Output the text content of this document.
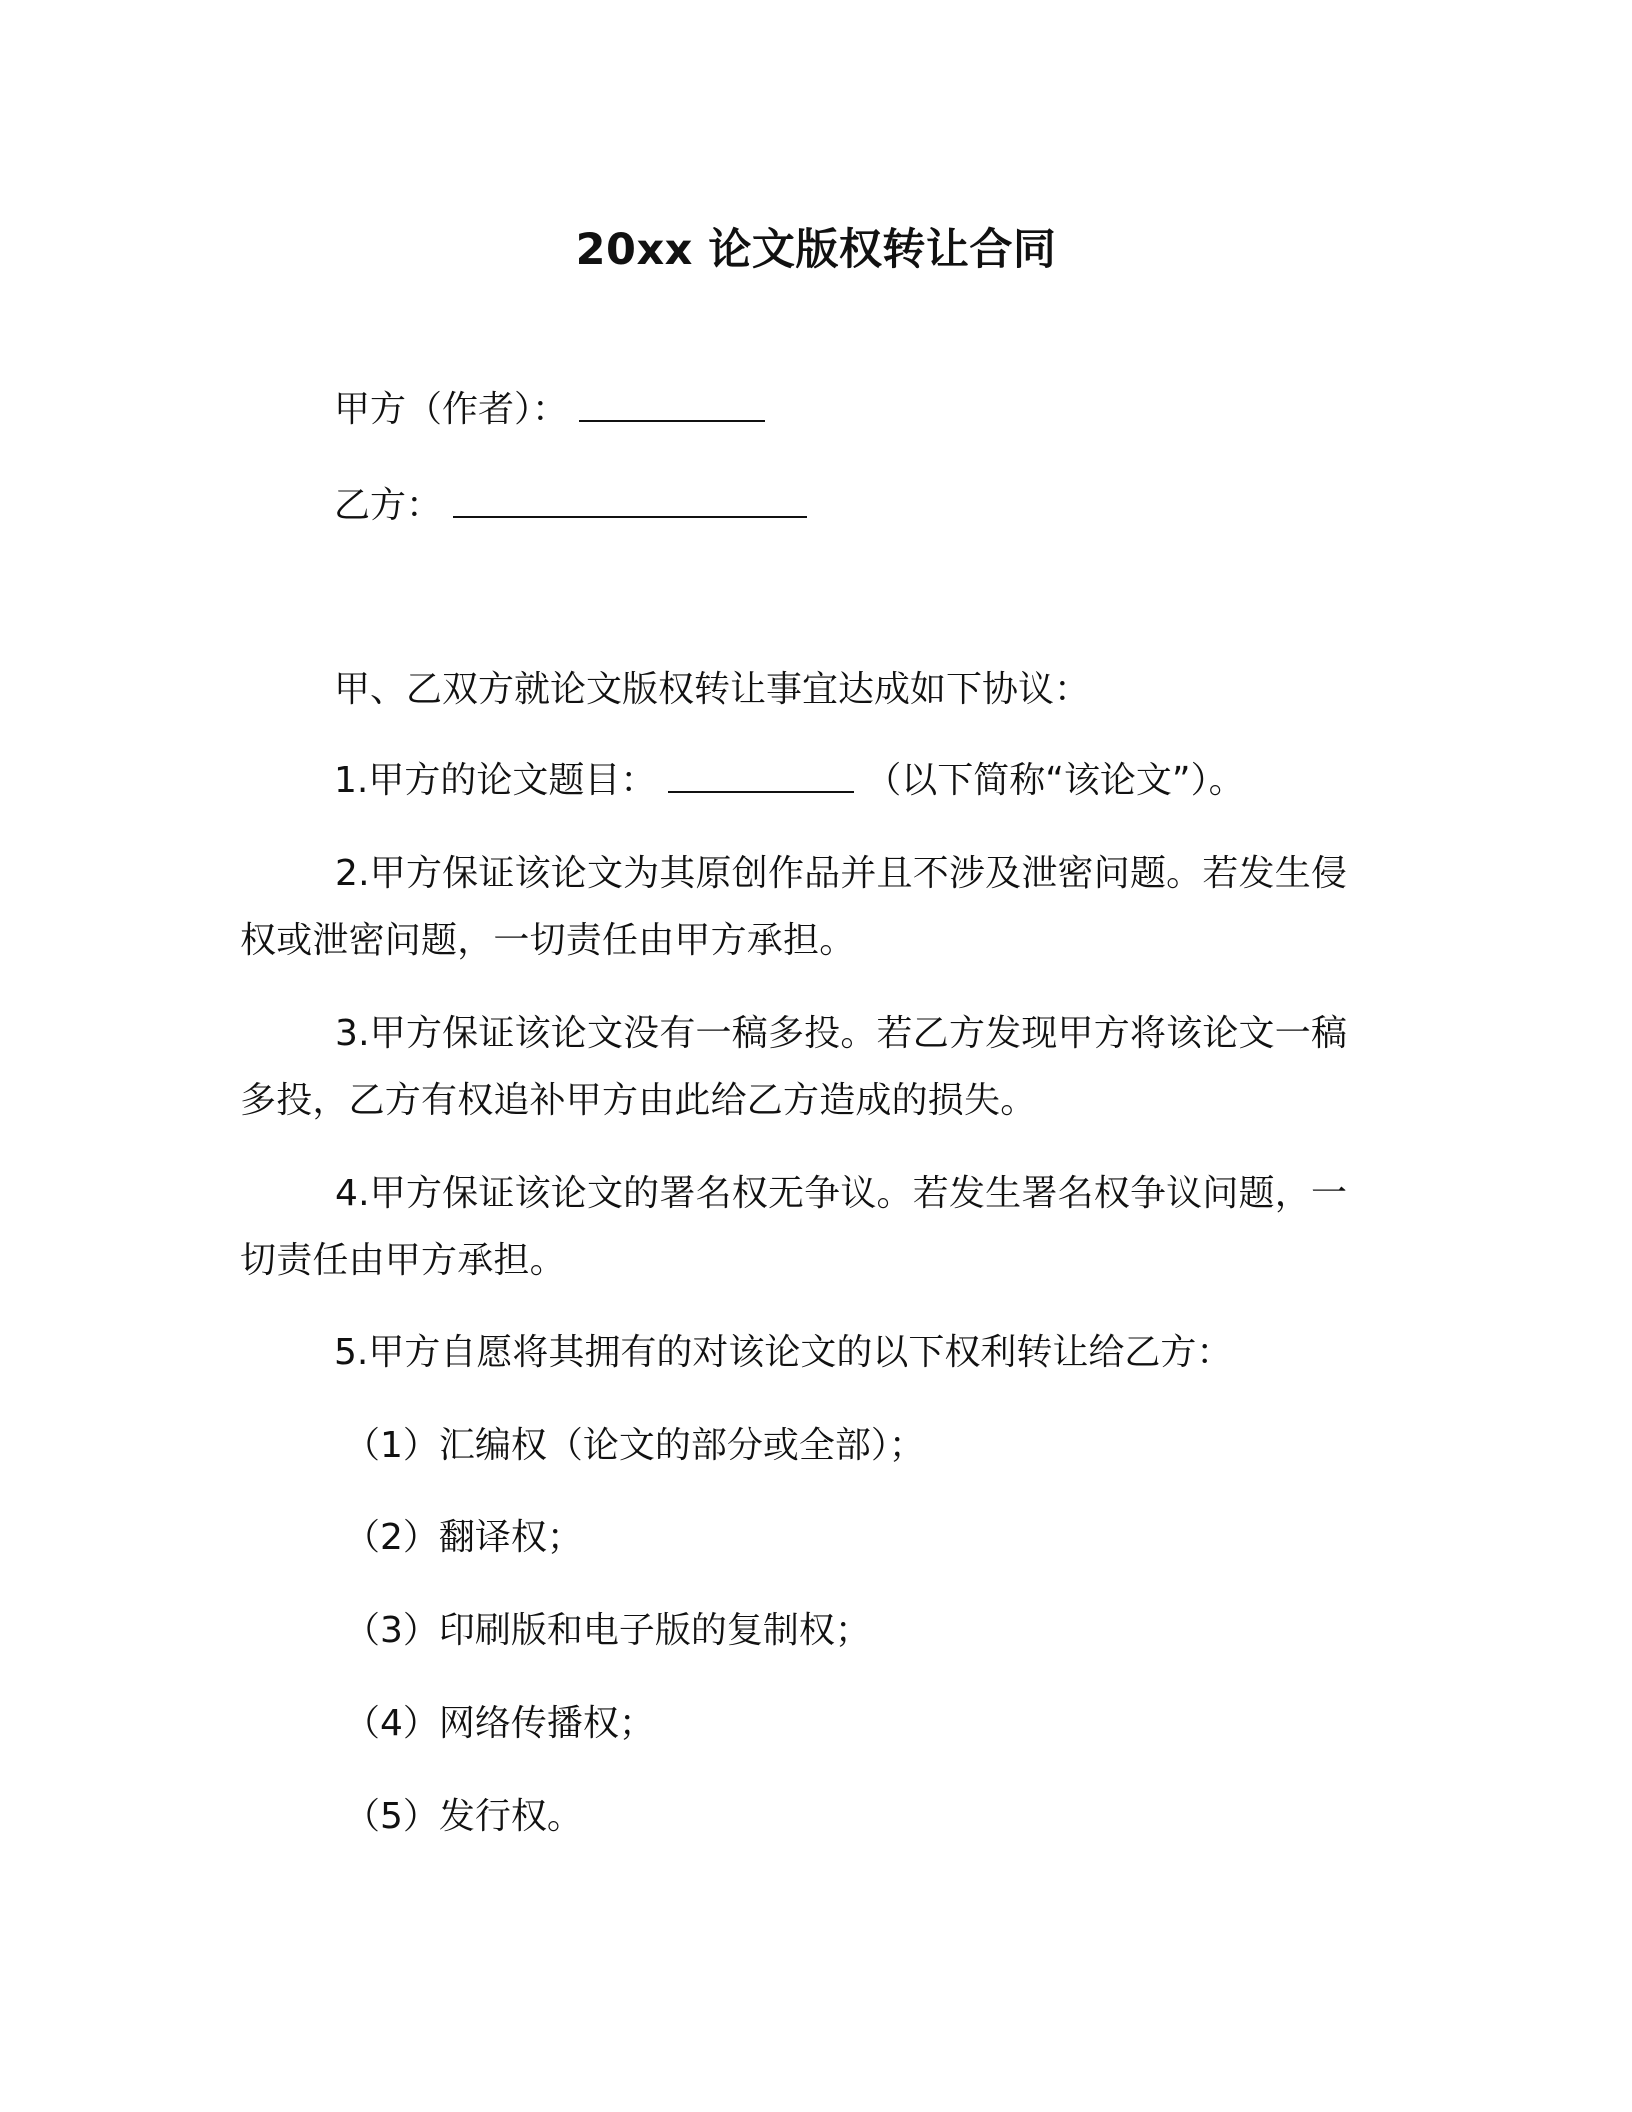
20xx 论文版权转让合同
甲方（作者）：
乙方：
甲、乙双方就论文版权转让事宜达成如下协议：
1.甲方的论文题目：	（以下简称“该论文”）。
2.甲方保证该论文为其原创作品并且不涉及泄密问题。若发生侵权或泄密问题，一切责任由甲方承担。
3.甲方保证该论文没有一稿多投。若乙方发现甲方将该论文一稿多投，乙方有权追补甲方由此给乙方造成的损失。
4.甲方保证该论文的署名权无争议。若发生署名权争议问题，一切责任由甲方承担。
5.甲方自愿将其拥有的对该论文的以下权利转让给乙方：
（1）汇编权（论文的部分或全部）；
（2）翻译权；
（3）印刷版和电子版的复制权；
（4）网络传播权；
（5）发行权。
